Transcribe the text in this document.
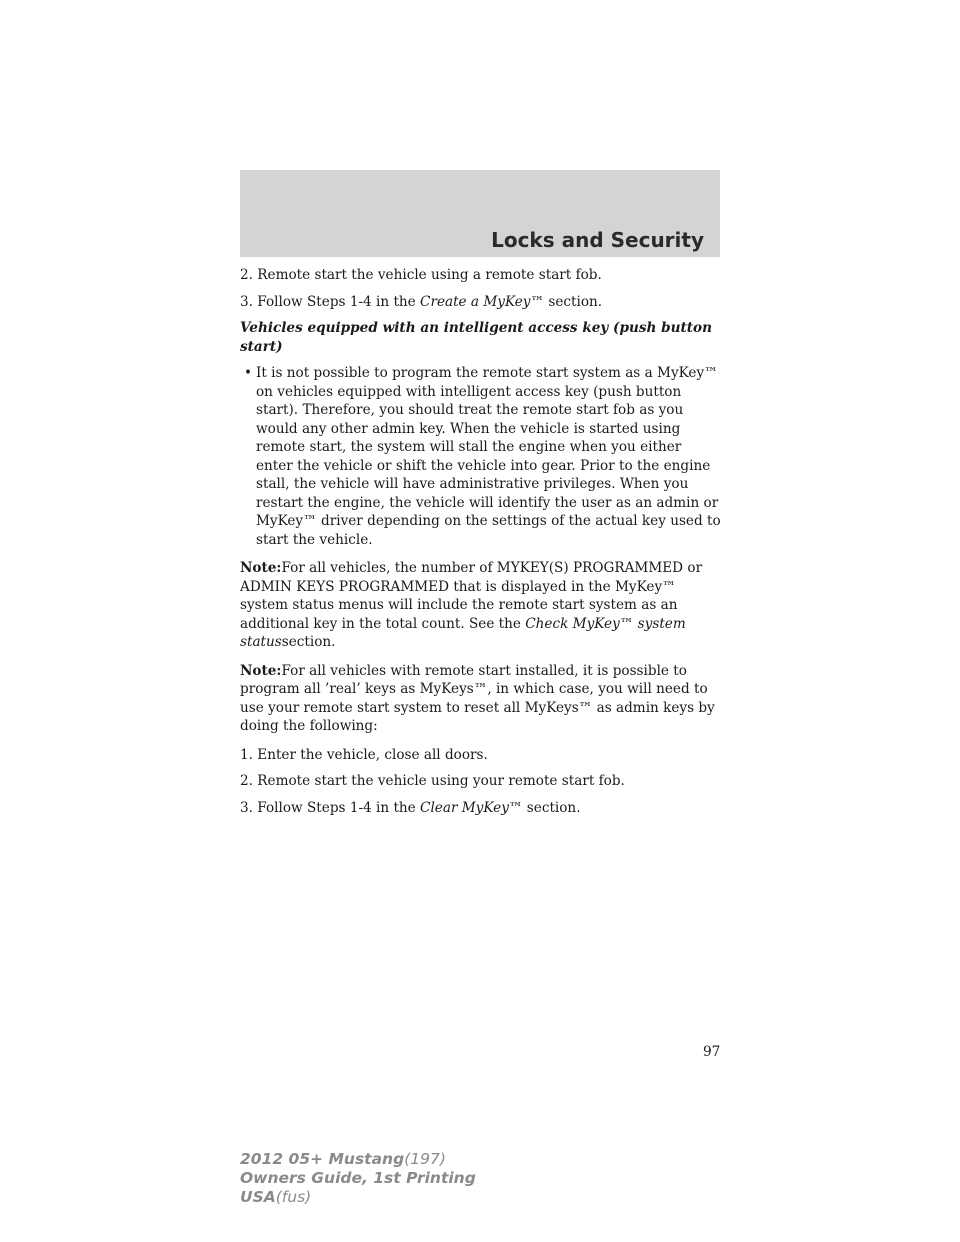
Locks and Security

2. Remote start the vehicle using a remote start fob.

3. Follow Steps 1-4 in the Create a MyKey™ section.

Vehicles equipped with an intelligent access key (push button start)

• It is not possible to program the remote start system as a MyKey™ on vehicles equipped with intelligent access key (push button start). Therefore, you should treat the remote start fob as you would any other admin key. When the vehicle is started using remote start, the system will stall the engine when you either enter the vehicle or shift the vehicle into gear. Prior to the engine stall, the vehicle will have administrative privileges. When you restart the engine, the vehicle will identify the user as an admin or MyKey™ driver depending on the settings of the actual key used to start the vehicle.

Note:For all vehicles, the number of MYKEY(S) PROGRAMMED or ADMIN KEYS PROGRAMMED that is displayed in the MyKey™ system status menus will include the remote start system as an additional key in the total count. See the Check MyKey™ system statussection.

Note:For all vehicles with remote start installed, it is possible to program all ’real’ keys as MyKeys™, in which case, you will need to use your remote start system to reset all MyKeys™ as admin keys by doing the following:

1. Enter the vehicle, close all doors.

2. Remote start the vehicle using your remote start fob.

3. Follow Steps 1-4 in the Clear MyKey™ section.

97
2012 05+ Mustang(197)
Owners Guide, 1st Printing
USA(fus)
